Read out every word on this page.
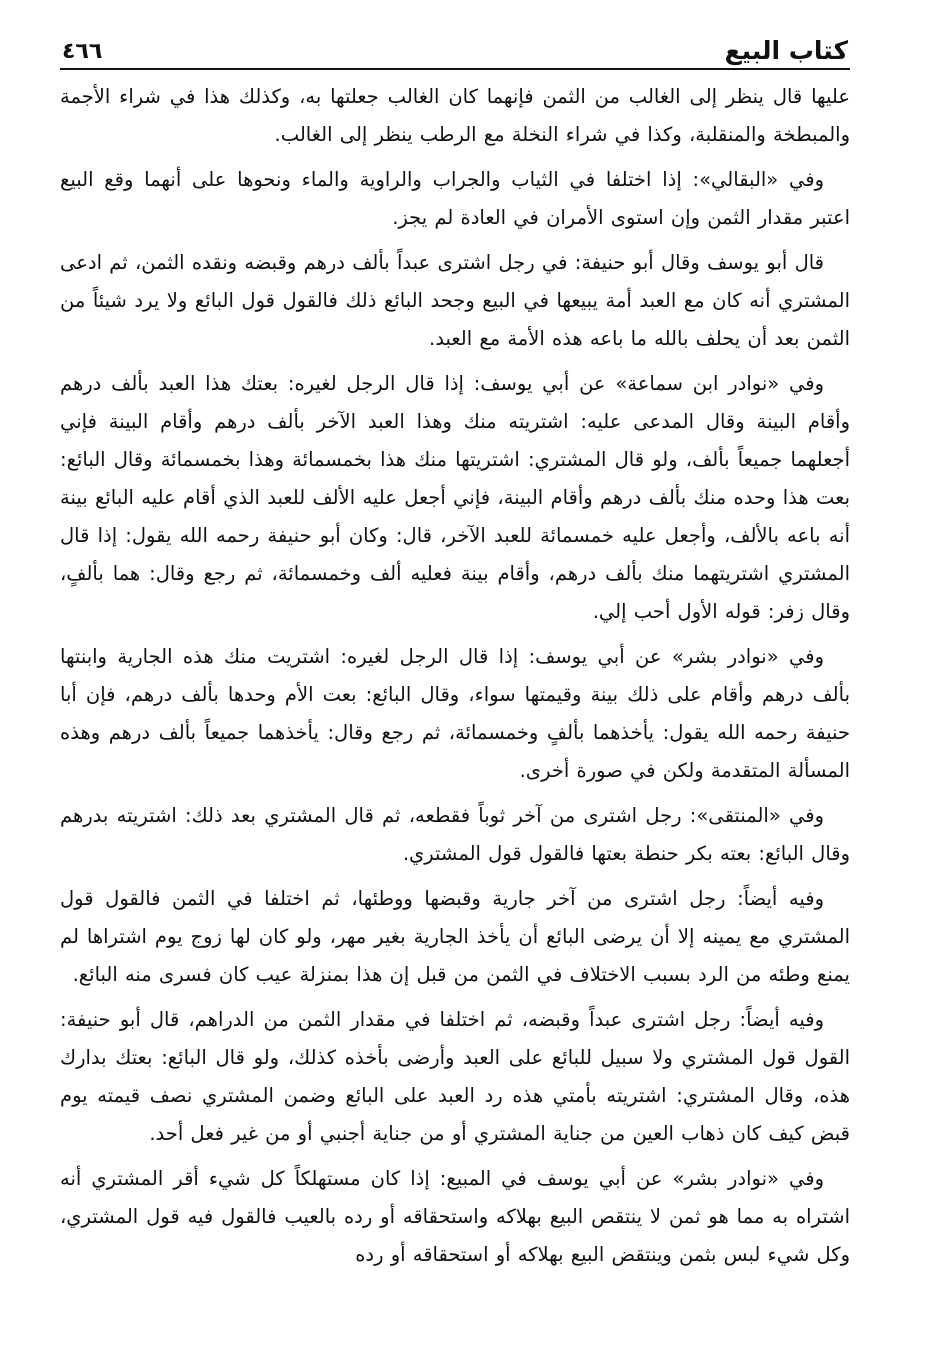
كتاب البيع
٤٦٦

عليها قال ينظر إلى الغالب من الثمن فإنهما كان الغالب جعلتها به، وكذلك هذا في شراء الأجمة والمبطخة والمنقلبة، وكذا في شراء النخلة مع الرطب ينظر إلى الغالب.

وفي «البقالي»: إذا اختلفا في الثياب والجراب والراوية والماء ونحوها على أنهما وقع البيع اعتبر مقدار الثمن وإن استوى الأمران في العادة لم يجز.

قال أبو يوسف وقال أبو حنيفة: في رجل اشترى عبداً بألف درهم وقبضه ونقده الثمن، ثم ادعى المشتري أنه كان مع العبد أمة يبيعها في البيع وجحد البائع ذلك فالقول قول البائع ولا يرد شيئاً من الثمن بعد أن يحلف بالله ما باعه هذه الأمة مع العبد.

وفي «نوادر ابن سماعة» عن أبي يوسف: إذا قال الرجل لغيره: بعتك هذا العبد بألف درهم وأقام البينة وقال المدعى عليه: اشتريته منك وهذا العبد الآخر بألف درهم وأقام البينة فإني أجعلهما جميعاً بألف، ولو قال المشتري: اشتريتها منك هذا بخمسمائة وهذا بخمسمائة وقال البائع: بعت هذا وحده منك بألف درهم وأقام البينة، فإني أجعل عليه الألف للعبد الذي أقام عليه البائع بينة أنه باعه بالألف، وأجعل عليه خمسمائة للعبد الآخر، قال: وكان أبو حنيفة رحمه الله يقول: إذا قال المشتري اشتريتهما منك بألف درهم، وأقام بينة فعليه ألف وخمسمائة، ثم رجع وقال: هما بألفٍ، وقال زفر: قوله الأول أحب إلي.

وفي «نوادر بشر» عن أبي يوسف: إذا قال الرجل لغيره: اشتريت منك هذه الجارية وابنتها بألف درهم وأقام على ذلك بينة وقيمتها سواء، وقال البائع: بعت الأم وحدها بألف درهم، فإن أبا حنيفة رحمه الله يقول: يأخذهما بألفٍ وخمسمائة، ثم رجع وقال: يأخذهما جميعاً بألف درهم وهذه المسألة المتقدمة ولكن في صورة أخرى.

وفي «المنتقى»: رجل اشترى من آخر ثوباً فقطعه، ثم قال المشتري بعد ذلك: اشتريته بدرهم وقال البائع: بعته بكر حنطة بعتها فالقول قول المشتري.

وفيه أيضاً: رجل اشترى من آخر جارية وقبضها ووطئها، ثم اختلفا في الثمن فالقول قول المشتري مع يمينه إلا أن يرضى البائع أن يأخذ الجارية بغير مهر، ولو كان لها زوج يوم اشتراها لم يمنع وطئه من الرد بسبب الاختلاف في الثمن من قبل إن هذا بمنزلة عيب كان فسرى منه البائع.

وفيه أيضاً: رجل اشترى عبداً وقبضه، ثم اختلفا في مقدار الثمن من الدراهم، قال أبو حنيفة: القول قول المشتري ولا سبيل للبائع على العبد وأرضى بأخذه كذلك، ولو قال البائع: بعتك بدارك هذه، وقال المشتري: اشتريته بأمتي هذه رد العبد على البائع وضمن المشتري نصف قيمته يوم قبض كيف كان ذهاب العين من جناية المشتري أو من جناية أجنبي أو من غير فعل أحد.

وفي «نوادر بشر» عن أبي يوسف في المبيع: إذا كان مستهلكاً كل شيء أقر المشتري أنه اشتراه به مما هو ثمن لا ينتقص البيع بهلاكه واستحقاقه أو رده بالعيب فالقول فيه قول المشتري، وكل شيء لبس بثمن وينتقض البيع بهلاكه أو استحقاقه أو رده
